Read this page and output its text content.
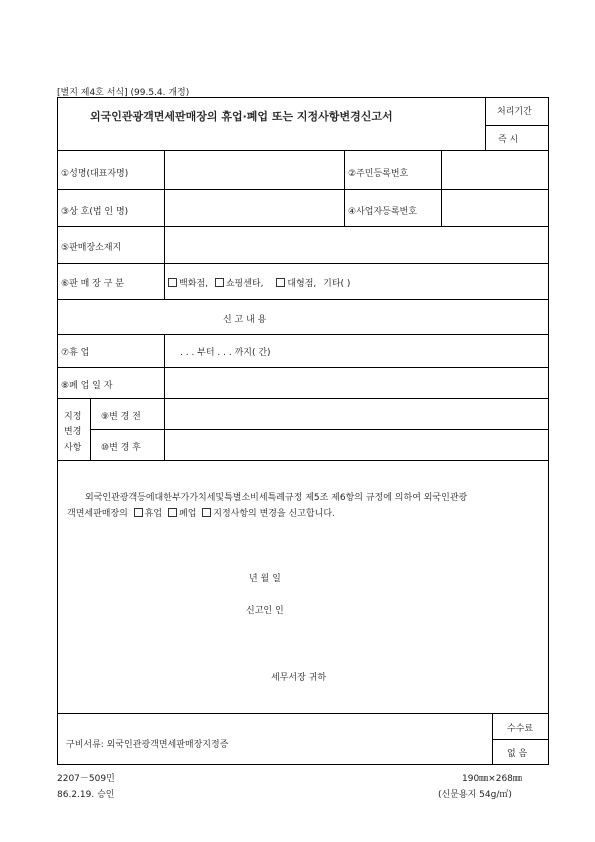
[별지 제4호 서식] (99.5.4. 개정)
외국인관광객면세판매장의 휴업·폐업 또는 지정사항변경신고서	처리기간
즉 시
①성명(대표자명)	②주민등록번호
③상 호(법 인 명)	④사업자등록번호
⑤판매장소재지
⑥판 매 장 구 분	백화점, 쇼핑센타,	대형점, 기타( )
신 고 내 용
⑦휴 업	. . . 부터 . . . 까지( 간)
⑧폐 업 일 자
지정
변경
사항
⑨변 경 전
⑩변 경 후
외국인관광객등에대한부가가치세및특별소비세특례규정 제5조 제6항의 규정에 의하여 외국인관광
객면세판매장의 휴업 폐업 지정사항의 변경을 신고합니다.
년 월 일
신고인 인
세무서장 귀하
구비서류: 외국인관광객면세판매장지정증
수수료
없 음
2207－509민
86.2.19. 승인
190㎜×268㎜
(신문용지 54g/㎡)
